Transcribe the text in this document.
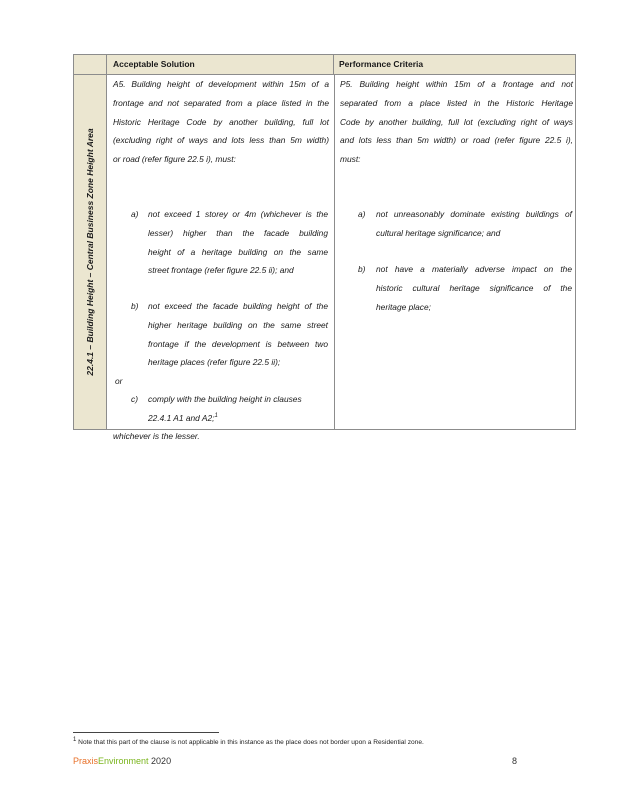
Acceptable Solution	Performance Criteria
22.4.1 – Building Height – Central Business Zone Height Area
A5. Building height of development within 15m of a
frontage and not separated from a place listed in the
Historic Heritage Code by another building, full lot
(excluding right of ways and lots less than 5m width)
or road (refer figure 22.5 i), must:
a) not exceed 1 storey or 4m (whichever is the
lesser) higher than the facade building
height of a heritage building on the same
street frontage (refer figure 22.5 ii); and
b) not exceed the facade building height of the
higher heritage building on the same street
frontage if the development is between two
heritage places (refer figure 22.5 ii);
or
c) comply with the building height in clauses
22.4.1 A1 and A2;$^1$
whichever is the lesser.
P5. Building height within 15m of a frontage and not
separated from a place listed in the Historic Heritage
Code by another building, full lot (excluding right of ways
and lots less than 5m width) or road (refer figure 22.5 i),
must:
a) not unreasonably dominate existing buildings of
cultural heritage significance; and
b) not have a materially adverse impact on the
historic cultural heritage significance of the
heritage place;
$^1$ Note that this part of the clause is not applicable in this instance as the place does not border upon a Residential zone.
PraxisEnvironment 2020	8
